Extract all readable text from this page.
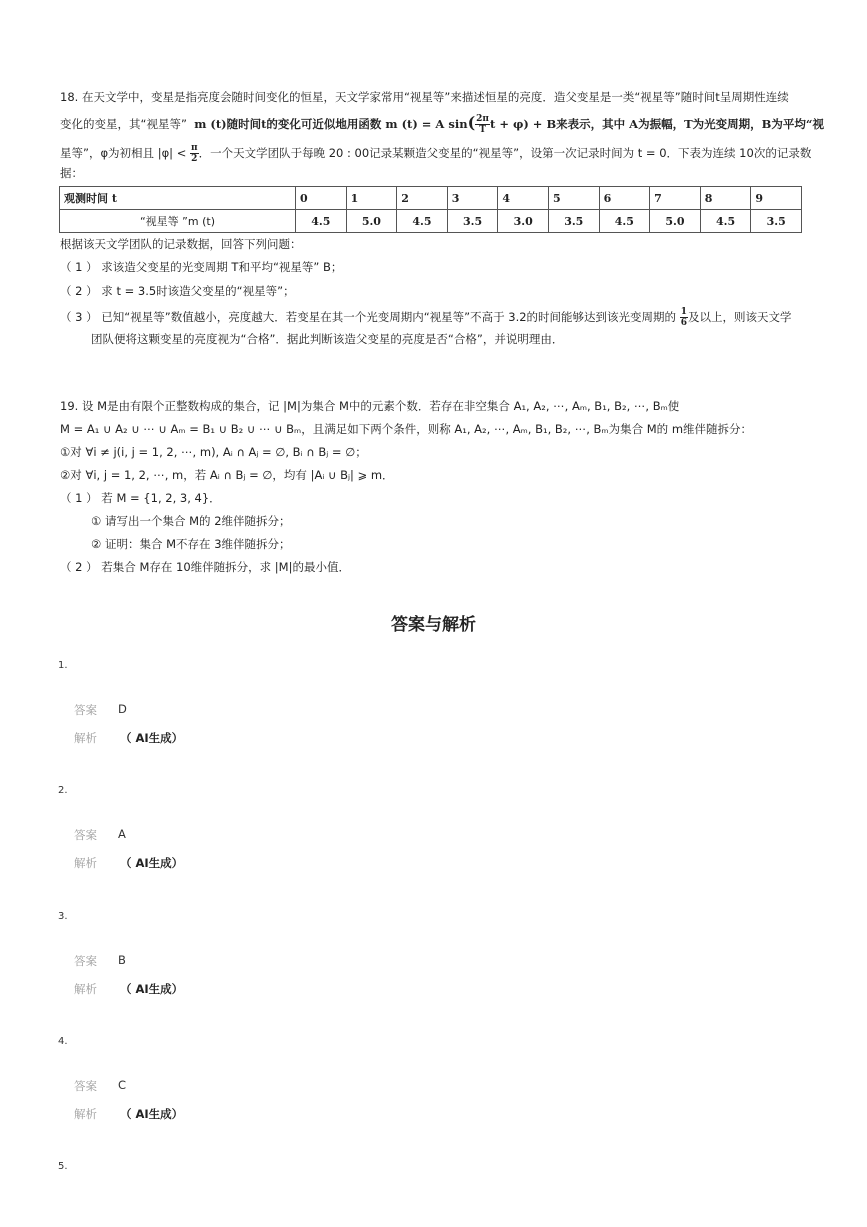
18. 在天文学中，变星是指亮度会随时间变化的恒星，天文学家常用“视星等”来描述恒星的亮度．造父变星是一类“视星等”随时间t呈周期性连续
变化的变星，其“视星等” m (t)随时间t的变化可近似地用函数 m (t) = A $\sin( \frac{2\pi}{T}$ t + φ) + B来表示，其中 A为振幅，T为光变周期，B为平均“视
星等”，φ为初相且 $|\varphi| < \frac{\pi}{2}$ ．一个天文学团队于每晚 20 : 00记录某颗造父变星的“视星等”，设第一次记录时间为 t = 0．下表为连续 10次的记录数
据：
观测时间 t	0	1	2	3	4	5	6	7	8	9
“视星等 ”m (t)	4.5	5.0	4.5	3.5	3.0	3.5	4.5	5.0	4.5	3.5
根据该天文学团队的记录数据，回答下列问题：
（ 1 ） 求该造父变星的光变周期 T和平均“视星等” B；
（ 2 ） 求 t = 3.5时该造父变星的“视星等”；
（ 3 ） 已知“视星等”数值越小，亮度越大．若变星在其一个光变周期内“视星等”不高于 3.2的时间能够达到该光变周期的 $\frac{1}{6}$ 及以上，则该天文学
团队便将这颗变星的亮度视为“合格”．据此判断该造父变星的亮度是否“合格”，并说明理由．
19. 设 M是由有限个正整数构成的集合，记 |M|为集合 M中的元素个数．若存在非空集合 A₁, A₂, ⋯, Aₘ, B₁, B₂, ⋯, Bₘ使
M = A₁ ∪ A₂ ∪ ⋯ ∪ Aₘ = B₁ ∪ B₂ ∪ ⋯ ∪ Bₘ，且满足如下两个条件，则称 A₁, A₂, ⋯, Aₘ, B₁, B₂, ⋯, Bₘ为集合 M的 m维伴随拆分：
①对 ∀i ≠ j(i, j = 1, 2, ⋯, m), Aᵢ ∩ Aⱼ = ∅, Bᵢ ∩ Bⱼ = ∅；
②对 ∀i, j = 1, 2, ⋯, m，若 Aᵢ ∩ Bⱼ = ∅，均有 |Aᵢ ∪ Bⱼ| ⩾ m．
（ 1 ） 若 M = {1, 2, 3, 4}．
① 请写出一个集合 M的 2维伴随拆分；
② 证明：集合 M不存在 3维伴随拆分；
（ 2 ） 若集合 M存在 10维伴随拆分，求 |M|的最小值．
答案与解析
1.
答案 D
解析 （ AI生成）
2.
答案 A
解析 （ AI生成）
3.
答案 B
解析 （ AI生成）
4.
答案 C
解析 （ AI生成）
5.
